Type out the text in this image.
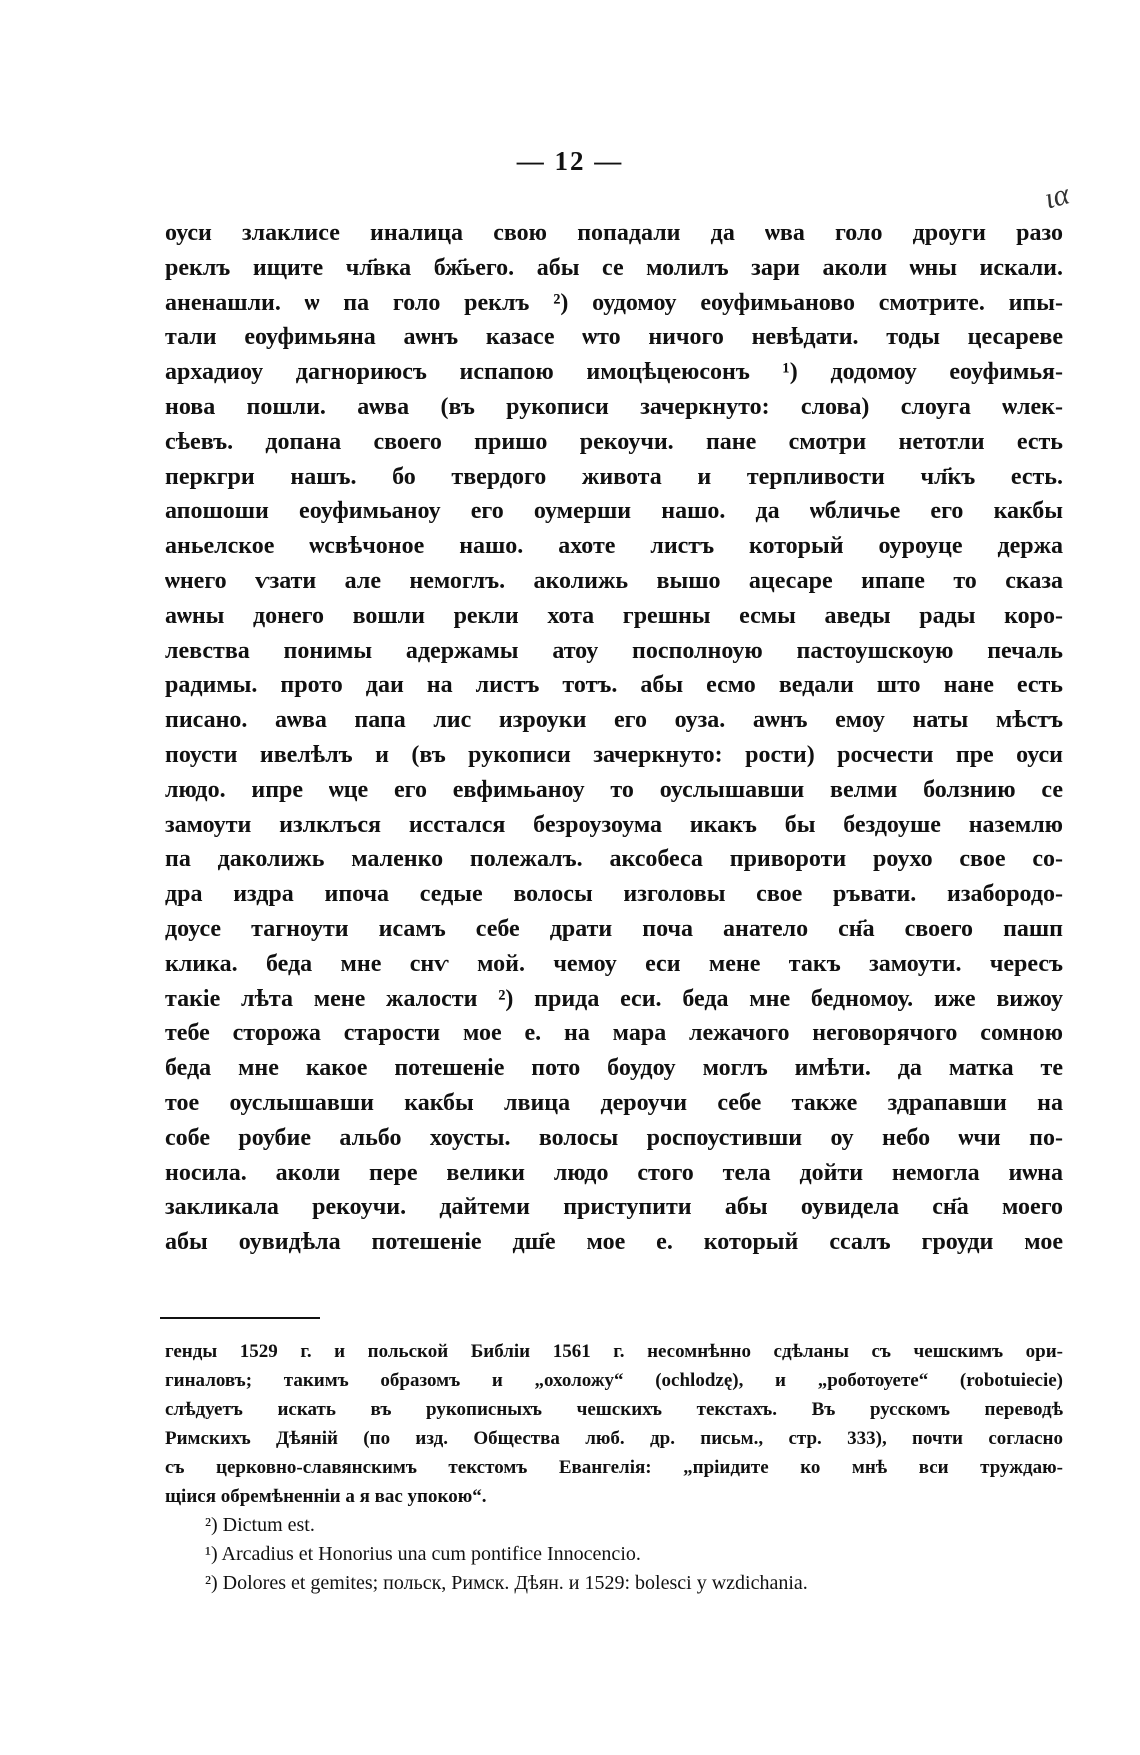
— 12 —
ια
оуси злаклисе иналица свою попадали да ѡва голо дроуги разо
реклъ ищите чл҃вка бж҃ьего. абы се молилъ зари аколи ѡны искали.
аненашли. ѡ па голо реклъ ²) оудомоу еоуфимьаново смотрите. ипы-
тали еоуфимьяна аѡнъ казасе ѡто ничого невѣдати. тоды цесареве
архадиоу дагнориюсъ испапою имоцѣцеюсонъ ¹) додомоу еоуфимья-
нова пошли. аѡва (въ рукописи зачеркнуто: слова) слоуга ѡлек-
сѣевъ. допана своего пришо рекоучи. пане смотри нетотли есть
перкгри нашъ. бо твердого живота и терпливости чл҃къ есть.
апошоши еоуфимьаноу его оумерши нашо. да ѡбличье его какбы
аньелское ѡсвѣчоное нашо. ахоте листъ который оуроуце держа
ѡнего ѵзати але немоглъ. аколижь вышо ацесаре ипапе то сказа
аѡны донего вошли рекли хота грешны есмы аведы рады коро-
левства понимы адержамы атоу посполноую пастоушскоую печаль
радимы. прото даи на листъ тотъ. абы есмо ведали што нане есть
писано. аѡва папа лис изроуки его оуза. аѡнъ емоу наты мѣстъ
поусти ивелѣлъ и (въ рукописи зачеркнуто: рости) росчести пре оуси
людо. ипре ѡце его евфимьаноу то оуслышавши велми болзнию се
замоути излклъся исстался безроузоума икакъ бы бездоуше наземлю
па даколижь маленко полежалъ. аксобеса привороти роухо свое со-
дра издра ипоча седые волосы изголовы свое ръвати. изабородо-
доусе тагноути исамъ себе драти поча анатело сн҃а своего пашп
клика. беда мне снѵ мой. чемоу еси мене такъ замоути. чересъ
такіе лѣта мене жалости ²) прида еси. беда мне бедномоу. иже вижоу
тебе сторожа старости мое е. на мара лежачого неговорячого сомною
беда мне какое потешеніе пото боудоу моглъ имѣти. да матка те
тое оуслышавши какбы лвица дероучи себе также здрапавши на
собе роубие альбо хоусты. волосы роспоустивши оу небо ѡчи по-
носила. аколи пере велики людо стого тела дойти немогла иѡна
закликала рекоучи. дайтеми приступити абы оувидела сн҃а моего
абы оувидѣла потешеніе дш҃е мое е. который ссалъ гроуди мое
генды 1529 г. и польской Библіи 1561 г. несомнѣнно сдѣланы съ чешскимъ ори-
гиналовъ; такимъ образомъ и „охоложу“ (ochlodzę), и „роботоуете“ (robotuiecie)
слѣдуетъ искать въ рукописныхъ чешскихъ текстахъ. Въ русскомъ переводѣ
Римскихъ Дѣяній (по изд. Общества люб. др. письм., стр. 333), почти согласно
съ церковно-славянскимъ текстомъ Евангелія: „пріидите ко мнѣ вси труждаю-
щіися обремѣненніи а я вас упокою“.
²) Dictum est.
¹) Arcadius et Honorius una cum pontifice Innocencio.
²) Dolores et gemites; польск, Римск. Дѣян. и 1529: bolesci y wzdichania.
